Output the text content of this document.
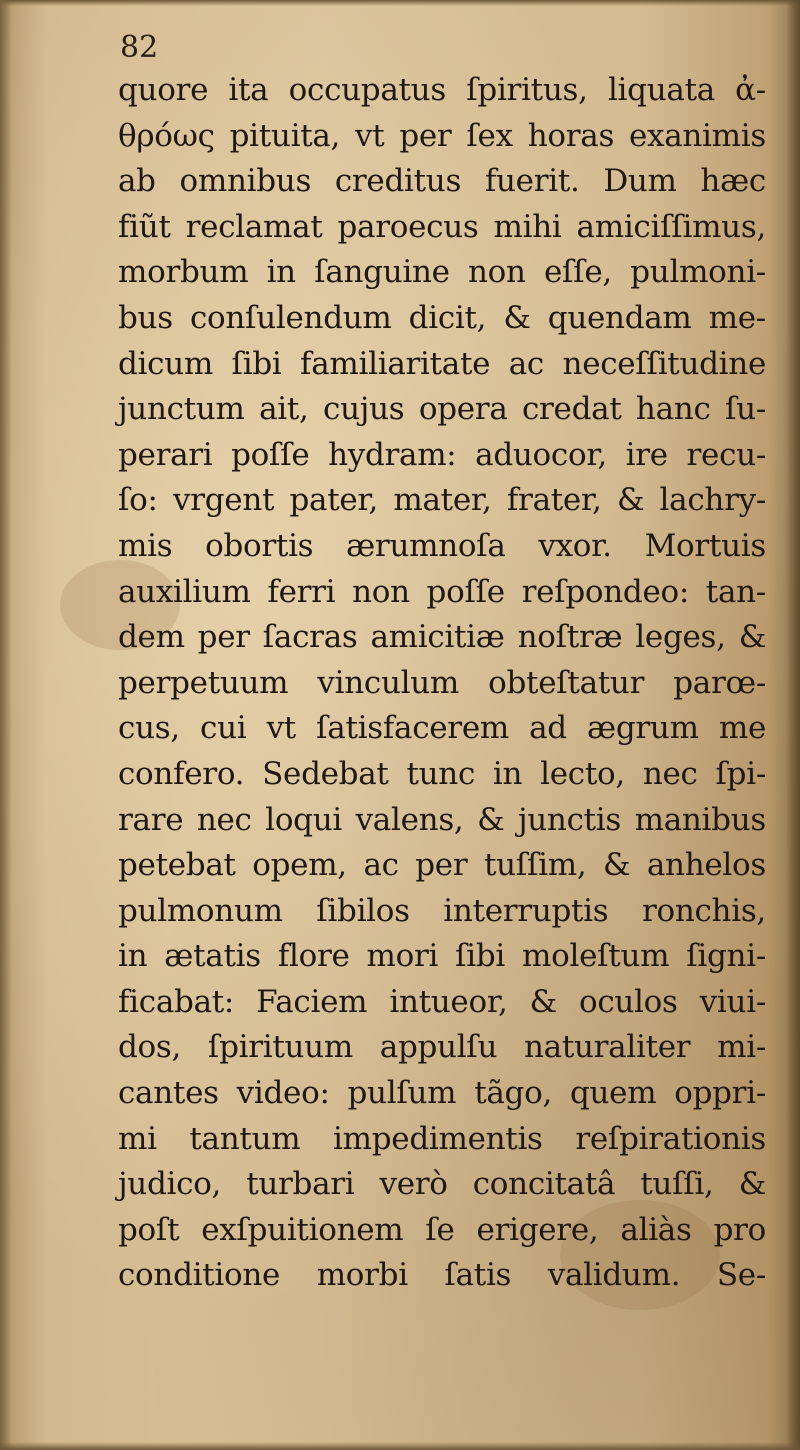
82

quore ita occupatus ſpiritus, liquata ἀ-
θρόως pituita, vt per ſex horas exanimis
ab omnibus creditus fuerit. Dum hæc
fiũt reclamat paroecus mihi amiciſſimus,
morbum in ſanguine non eſſe, pulmoni-
bus conſulendum dicit, & quendam me-
dicum ſibi familiaritate ac neceſſitudine
junctum ait, cujus opera credat hanc ſu-
perari poſſe hydram: aduocor, ire recu-
ſo: vrgent pater, mater, frater, & lachry-
mis obortis ærumnoſa vxor. Mortuis
auxilium ferri non poſſe reſpondeo: tan-
dem per ſacras amicitiæ noſtræ leges, &
perpetuum vinculum obteſtatur parœ-
cus, cui vt ſatisfacerem ad ægrum me
confero. Sedebat tunc in lecto, nec ſpi-
rare nec loqui valens, & junctis manibus
petebat opem, ac per tuſſim, & anhelos
pulmonum ſibilos interruptis ronchis,
in ætatis flore mori ſibi moleſtum ſigni-
ficabat: Faciem intueor, & oculos viui-
dos, ſpirituum appulſu naturaliter mi-
cantes video: pulſum tãgo, quem oppri-
mi tantum impedimentis reſpirationis
judico, turbari verò concitatâ tuſſi, &
poſt exſpuitionem ſe erigere, aliàs pro
conditione morbi ſatis validum. Se-
